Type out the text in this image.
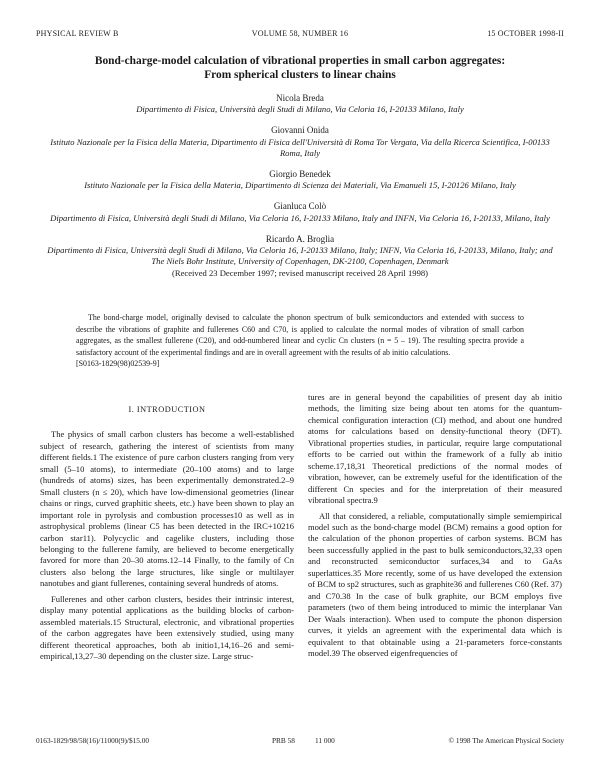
PHYSICAL REVIEW B	VOLUME 58, NUMBER 16	15 OCTOBER 1998-II
Bond-charge-model calculation of vibrational properties in small carbon aggregates:
From spherical clusters to linear chains
Nicola Breda
Dipartimento di Fisica, Università degli Studi di Milano, Via Celoria 16, I-20133 Milano, Italy
Giovanni Onida
Istituto Nazionale per la Fisica della Materia, Dipartimento di Fisica dell'Università di Roma Tor Vergata, Via della Ricerca Scientifica, I-00133 Roma, Italy
Giorgio Benedek
Istituto Nazionale per la Fisica della Materia, Dipartimento di Scienza dei Materiali, Via Emanueli 15, I-20126 Milano, Italy
Gianluca Colò
Dipartimento di Fisica, Università degli Studi di Milano, Via Celoria 16, I-20133 Milano, Italy and INFN, Via Celoria 16, I-20133, Milano, Italy
Ricardo A. Broglia
Dipartimento di Fisica, Università degli Studi di Milano, Via Celoria 16, I-20133 Milano, Italy; INFN, Via Celoria 16, I-20133, Milano, Italy; and The Niels Bohr Institute, University of Copenhagen, DK-2100, Copenhagen, Denmark
(Received 23 December 1997; revised manuscript received 28 April 1998)

The bond-charge model, originally devised to calculate the phonon spectrum of bulk semiconductors and extended with success to describe the vibrations of graphite and fullerenes C60 and C70, is applied to calculate the normal modes of vibration of small carbon aggregates, as the smallest fullerene (C20), and odd-numbered linear and cyclic Cn clusters (n = 5 – 19). The resulting spectra provide a satisfactory account of the experimental findings and are in overall agreement with the results of ab initio calculations.

[S0163-1829(98)02539-9]
I. INTRODUCTION

The physics of small carbon clusters has become a well-established subject of research, gathering the interest of scientists from many different fields.1 The existence of pure carbon clusters ranging from very small (5–10 atoms), to intermediate (20–100 atoms) and to large (hundreds of atoms) sizes, has been experimentally demonstrated.2–9 Small clusters (n ≤ 20), which have low-dimensional geometries (linear chains or rings, curved graphitic sheets, etc.) have been shown to play an important role in pyrolysis and combustion processes10 as well as in astrophysical problems (linear C5 has been detected in the IRC+10216 carbon star11). Polycyclic and cagelike clusters, including those belonging to the fullerene family, are believed to become energetically favored for more than 20–30 atoms.12–14 Finally, to the family of Cn clusters also belong the large structures, like single or multilayer nanotubes and giant fullerenes, containing several hundreds of atoms.

Fullerenes and other carbon clusters, besides their intrinsic interest, display many potential applications as the building blocks of carbon-assembled materials.15 Structural, electronic, and vibrational properties of the carbon aggregates have been extensively studied, using many different theoretical approaches, both ab initio1,14,16–26 and semi-empirical,13,27–30 depending on the cluster size. Large struc-

tures are in general beyond the capabilities of present day ab initio methods, the limiting size being about ten atoms for the quantum-chemical configuration interaction (CI) method, and about one hundred atoms for calculations based on density-functional theory (DFT). Vibrational properties studies, in particular, require large computational efforts to be carried out within the framework of a fully ab initio scheme.17,18,31 Theoretical predictions of the normal modes of vibration, however, can be extremely useful for the identification of the different Cn species and for the interpretation of their measured vibrational spectra.9

All that considered, a reliable, computationally simple semiempirical model such as the bond-charge model (BCM) remains a good option for the calculation of the phonon properties of carbon systems. BCM has been successfully applied in the past to bulk semiconductors,32,33 open and reconstructed semiconductor surfaces,34 and to GaAs superlattices.35 More recently, some of us have developed the extension of BCM to sp2 structures, such as graphite36 and fullerenes C60 (Ref. 37) and C70.38 In the case of bulk graphite, our BCM employs five parameters (two of them being introduced to mimic the interplanar Van Der Waals interaction). When used to compute the phonon dispersion curves, it yields an agreement with the experimental data which is equivalent to that obtainable using a 21-parameters force-constants model.39 The observed eigenfrequencies of

0163-1829/98/58(16)/11000(9)/$15.00	PRB 58	11 000	© 1998 The American Physical Society
